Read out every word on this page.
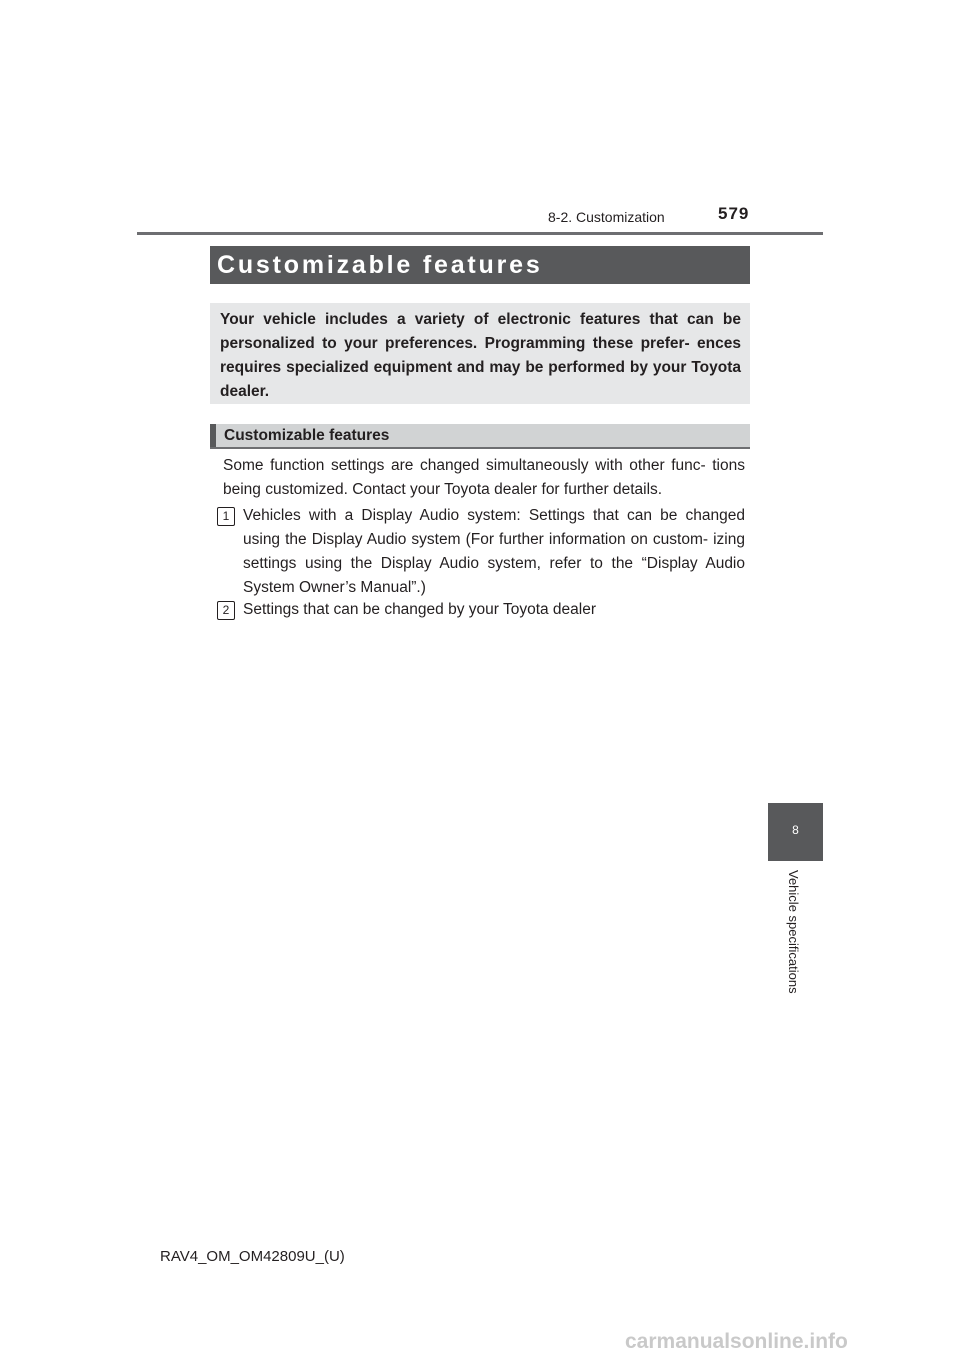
8-2. Customization	579
Customizable features

Your vehicle includes a variety of electronic features that can be personalized to your preferences. Programming these prefer- ences requires specialized equipment and may be performed by your Toyota dealer.

Customizable features

Some function settings are changed simultaneously with other func- tions being customized. Contact your Toyota dealer for further details.

1 Vehicles with a Display Audio system: Settings that can be changed using the Display Audio system (For further information on custom- izing settings using the Display Audio system, refer to the “Display Audio System Owner’s Manual”.)

2 Settings that can be changed by your Toyota dealer

8
Vehicle specifications
RAV4_OM_OM42809U_(U)
carmanualsonline.info
